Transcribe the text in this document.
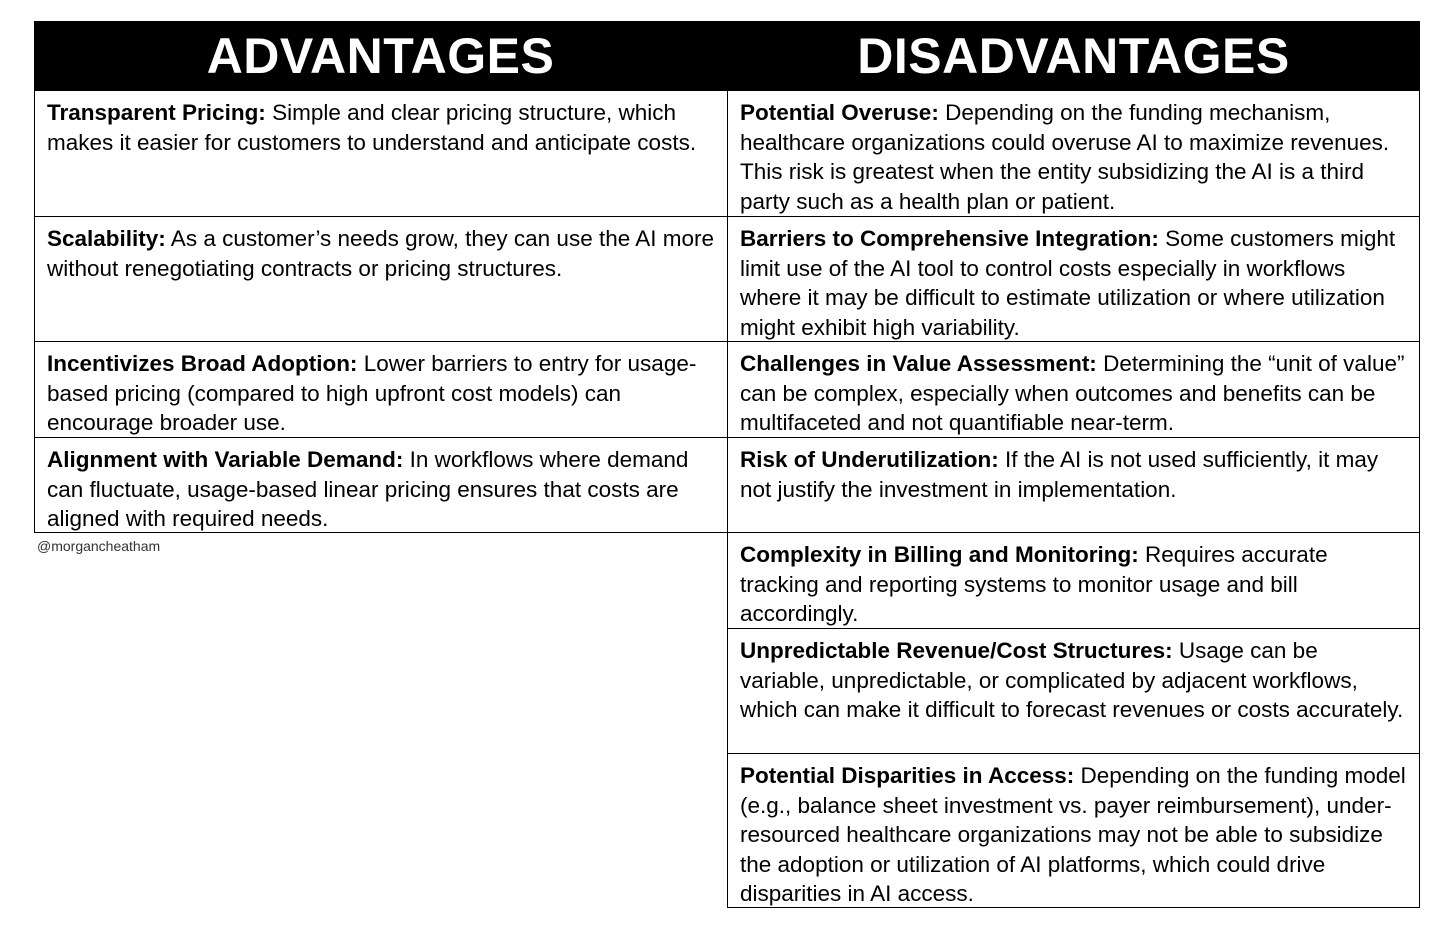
ADVANTAGES	DISADVANTAGES
Transparent Pricing: Simple and clear pricing structure, which makes it easier for customers to understand and anticipate costs.
Scalability: As a customer’s needs grow, they can use the AI more without renegotiating contracts or pricing structures.
Incentivizes Broad Adoption: Lower barriers to entry for usage-based pricing (compared to high upfront cost models) can encourage broader use.
Alignment with Variable Demand: In workflows where demand can fluctuate, usage-based linear pricing ensures that costs are aligned with required needs.
Potential Overuse: Depending on the funding mechanism, healthcare organizations could overuse AI to maximize revenues. This risk is greatest when the entity subsidizing the AI is a third party such as a health plan or patient.
Barriers to Comprehensive Integration: Some customers might limit use of the AI tool to control costs especially in workflows where it may be difficult to estimate utilization or where utilization might exhibit high variability.
Challenges in Value Assessment: Determining the “unit of value” can be complex, especially when outcomes and benefits can be multifaceted and not quantifiable near-term.
Risk of Underutilization: If the AI is not used sufficiently, it may not justify the investment in implementation.
Complexity in Billing and Monitoring: Requires accurate tracking and reporting systems to monitor usage and bill accordingly.
Unpredictable Revenue/Cost Structures: Usage can be variable, unpredictable, or complicated by adjacent workflows, which can make it difficult to forecast revenues or costs accurately.
Potential Disparities in Access: Depending on the funding model (e.g., balance sheet investment vs. payer reimbursement), under-resourced healthcare organizations may not be able to subsidize the adoption or utilization of AI platforms, which could drive disparities in AI access.
@morgancheatham
